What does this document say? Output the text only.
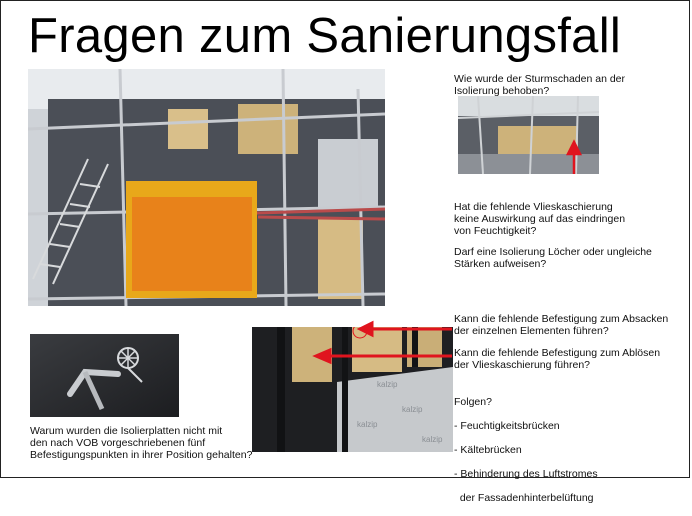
Fragen zum Sanierungsfall
kalzip
kalzip
kalzip
kalzip
Wie wurde der Sturmschaden an der
Isolierung behoben?
Hat die fehlende Vlieskaschierung
keine Auswirkung auf das eindringen
von Feuchtigkeit?
Darf eine Isolierung Löcher oder ungleiche
Stärken aufweisen?
Kann die fehlende Befestigung zum Absacken
der einzelnen Elementen führen?
Kann die fehlende Befestigung zum Ablösen
der Vlieskaschierung führen?

Folgen?

- Feuchtigkeitsbrücken

- Kältebrücken

- Behinderung des Luftstromes

der Fassadenhinterbelüftung

Warum wurden die Isolierplatten nicht mit
den nach VOB vorgeschriebenen fünf
Befestigungspunkten in ihrer Position gehalten?
